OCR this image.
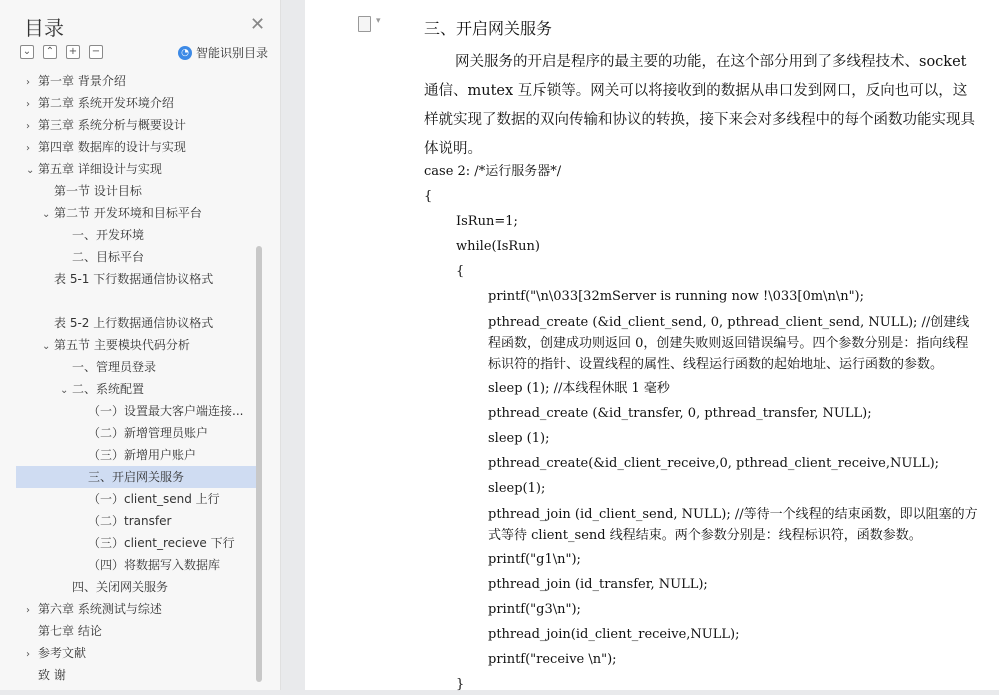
目录	✕
⌄ ⌃ + −	◔ 智能识别目录
› 第一章 背景介绍
› 第二章 系统开发环境介绍
› 第三章 系统分析与概要设计
› 第四章 数据库的设计与实现
⌄ 第五章 详细设计与实现
第一节 设计目标
⌄ 第二节 开发环境和目标平台
一、开发环境
二、目标平台
表 5-1 下行数据通信协议格式
表 5-2 上行数据通信协议格式
⌄ 第五节 主要模块代码分析
一、管理员登录
⌄ 二、系统配置
（一）设置最大客户端连接...
（二）新增管理员账户
（三）新增用户账户
三、开启网关服务
（一）client_send 上行
（二）transfer
（三）client_recieve 下行
（四）将数据写入数据库
四、关闭网关服务
› 第六章 系统测试与综述
第七章 结论
› 参考文献
致 谢
▾	三、开启网关服务
网关服务的开启是程序的最主要的功能，在这个部分用到了多线程技术、socket 通信、mutex 互斥锁等。网关可以将接收到的数据从串口发到网口，反向也可以，这样就实现了数据的双向传输和协议的转换，接下来会对多线程中的每个函数功能实现具体说明。
case 2: /*运行服务器*/
{
IsRun=1;
while(IsRun)
{
printf("\n\033[32mServer is running now !\033[0m\n\n");
pthread_create (&id_client_send, 0, pthread_client_send, NULL); //创建线程函数，创建成功则返回 0，创建失败则返回错误编号。四个参数分别是：指向线程标识符的指针、设置线程的属性、线程运行函数的起始地址、运行函数的参数。
sleep (1); //本线程休眠 1 毫秒
pthread_create (&id_transfer, 0, pthread_transfer, NULL);
sleep (1);
pthread_create(&id_client_receive,0, pthread_client_receive,NULL);
sleep(1);
pthread_join (id_client_send, NULL); //等待一个线程的结束函数，即以阻塞的方式等待 client_send 线程结束。两个参数分别是：线程标识符，函数参数。
printf("g1\n");
pthread_join (id_transfer, NULL);
printf("g3\n");
pthread_join(id_client_receive,NULL);
printf("receive \n");
}
